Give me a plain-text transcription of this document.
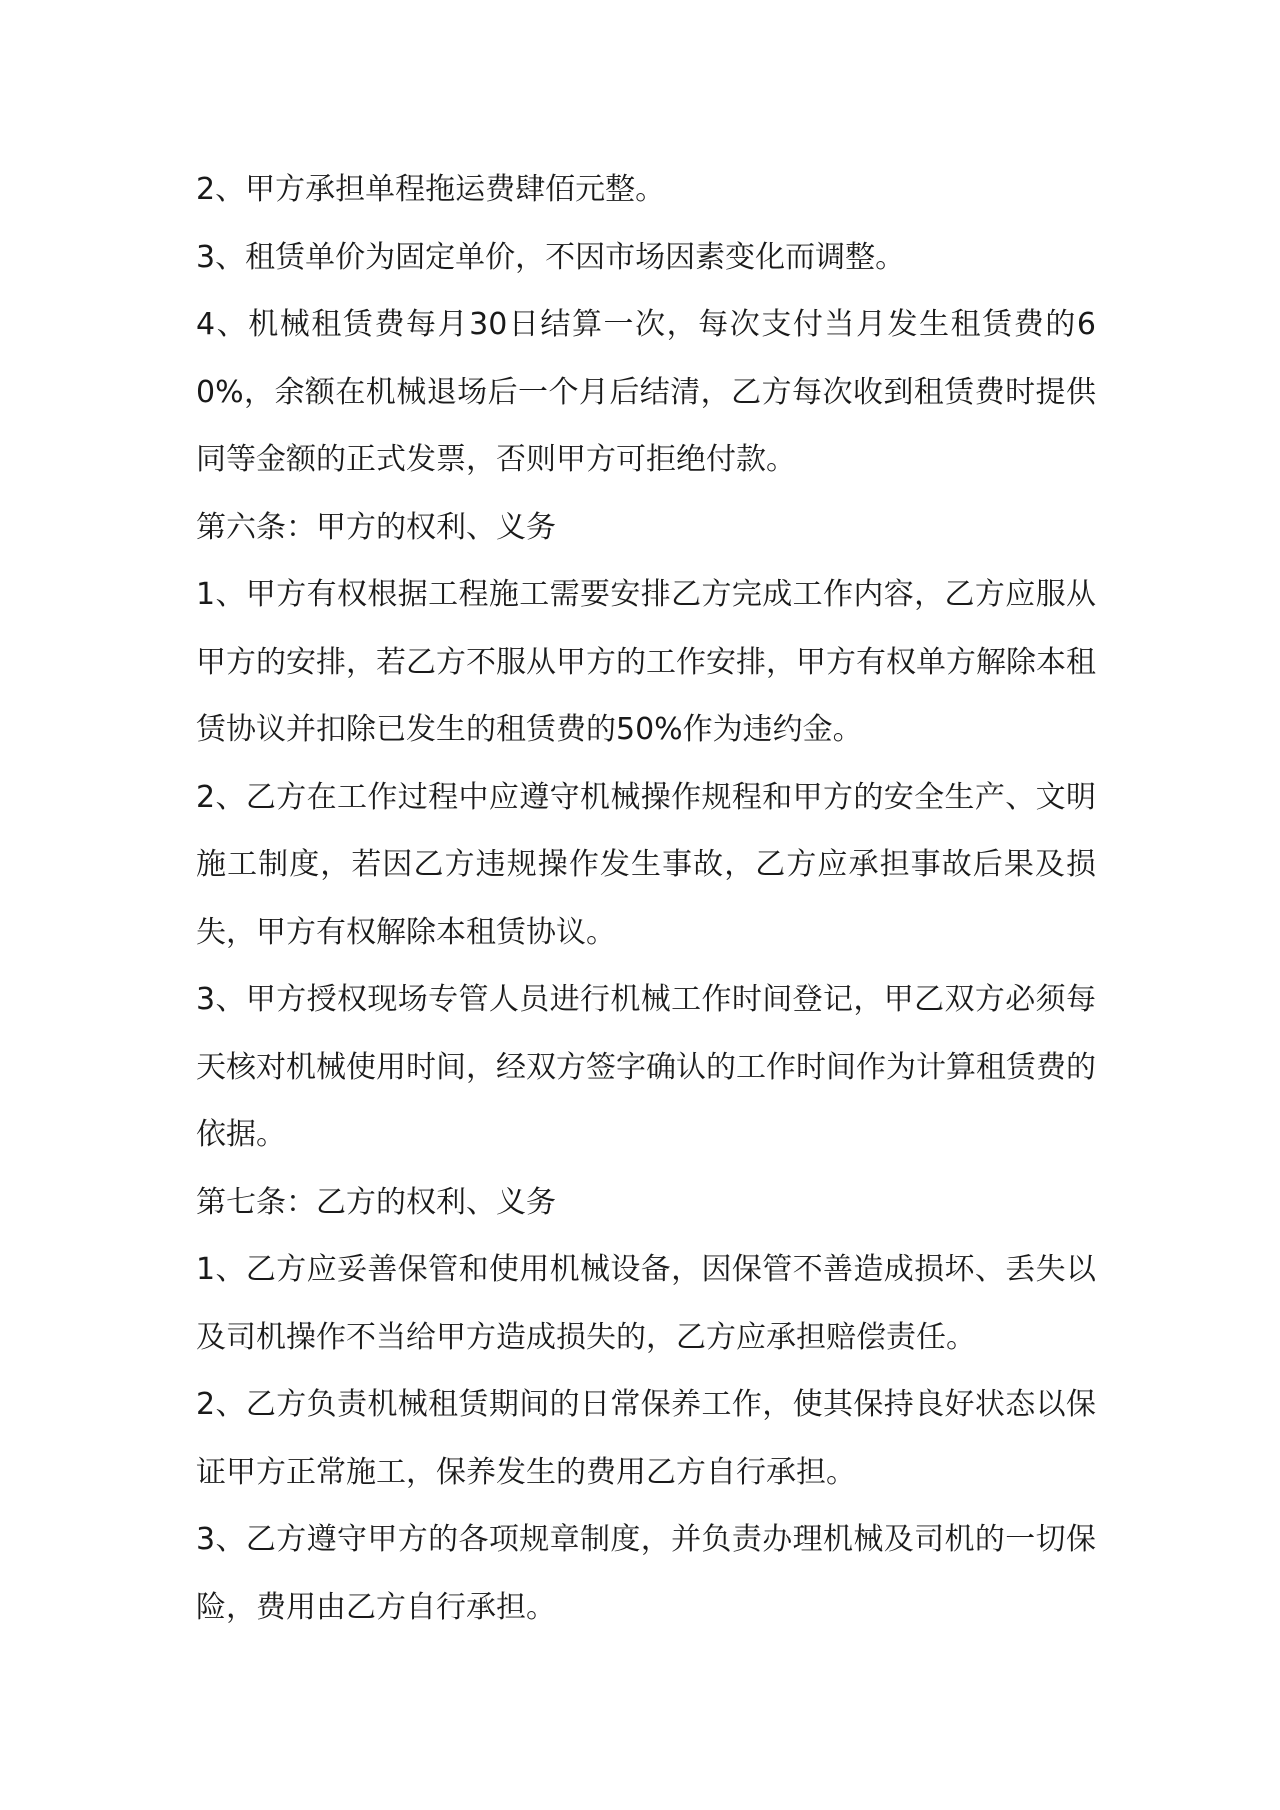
2、甲方承担单程拖运费肆佰元整。

3、租赁单价为固定单价，不因市场因素变化而调整。

4、机械租赁费每月30日结算一次，每次支付当月发生租赁费的60%，余额在机械退场后一个月后结清，乙方每次收到租赁费时提供同等金额的正式发票，否则甲方可拒绝付款。

第六条：甲方的权利、义务

1、甲方有权根据工程施工需要安排乙方完成工作内容，乙方应服从甲方的安排，若乙方不服从甲方的工作安排，甲方有权单方解除本租赁协议并扣除已发生的租赁费的50%作为违约金。

2、乙方在工作过程中应遵守机械操作规程和甲方的安全生产、文明施工制度，若因乙方违规操作发生事故，乙方应承担事故后果及损失，甲方有权解除本租赁协议。

3、甲方授权现场专管人员进行机械工作时间登记，甲乙双方必须每天核对机械使用时间，经双方签字确认的工作时间作为计算租赁费的依据。

第七条：乙方的权利、义务

1、乙方应妥善保管和使用机械设备，因保管不善造成损坏、丢失以及司机操作不当给甲方造成损失的，乙方应承担赔偿责任。

2、乙方负责机械租赁期间的日常保养工作，使其保持良好状态以保证甲方正常施工，保养发生的费用乙方自行承担。

3、乙方遵守甲方的各项规章制度，并负责办理机械及司机的一切保险，费用由乙方自行承担。
